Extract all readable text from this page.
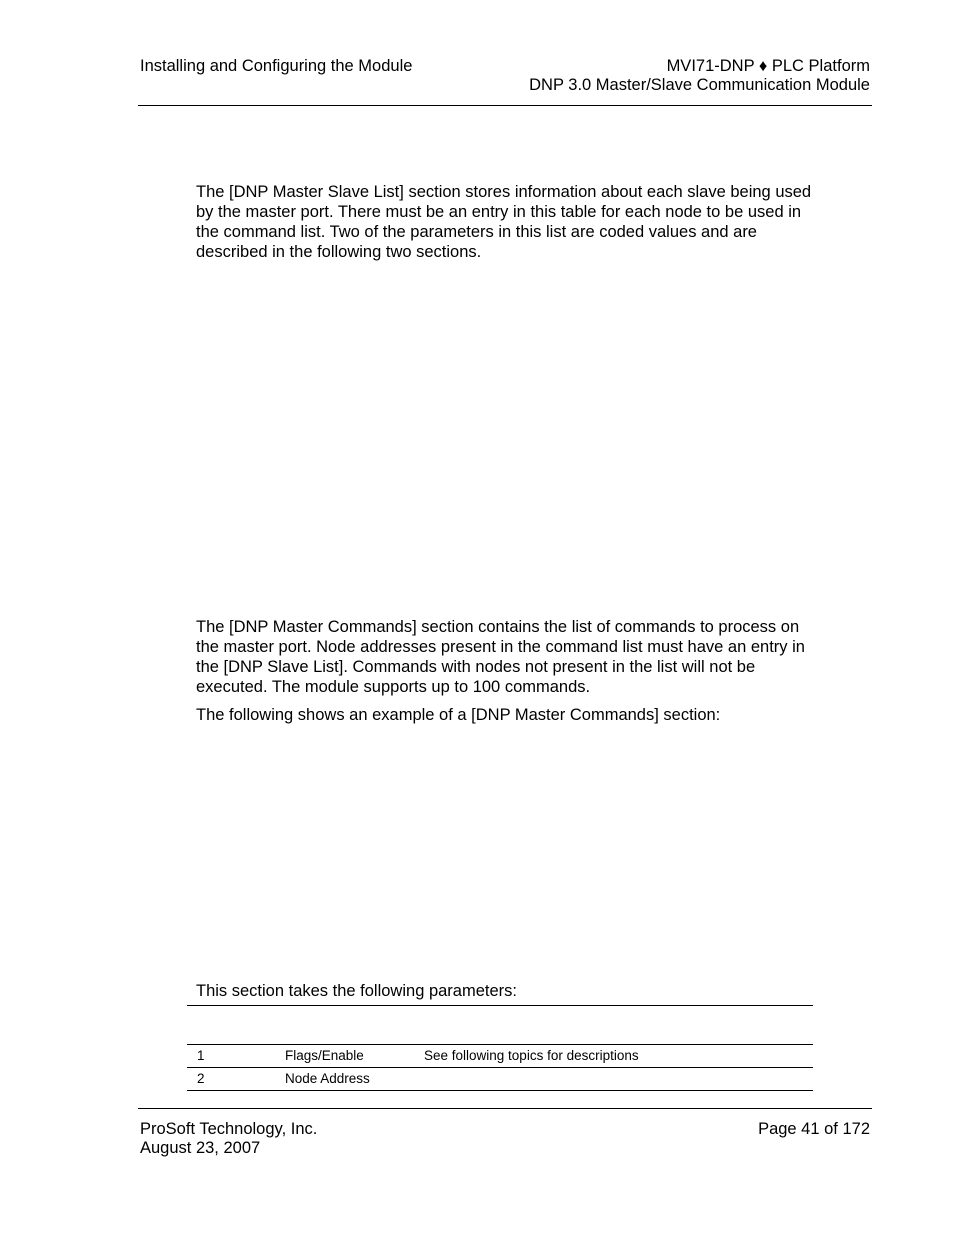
Installing and Configuring the Module	MVI71-DNP ♦ PLC Platform
DNP 3.0 Master/Slave Communication Module
The [DNP Master Slave List] section stores information about each slave being used by the master port. There must be an entry in this table for each node to be used in the command list. Two of the parameters in this list are coded values and are described in the following two sections.
The [DNP Master Commands] section contains the list of commands to process on the master port. Node addresses present in the command list must have an entry in the [DNP Slave List]. Commands with nodes not present in the list will not be executed. The module supports up to 100 commands.
The following shows an example of a [DNP Master Commands] section:
This section takes the following parameters:
1	Flags/Enable	See following topics for descriptions
2	Node Address
ProSoft Technology, Inc.
August 23, 2007
Page 41 of 172
